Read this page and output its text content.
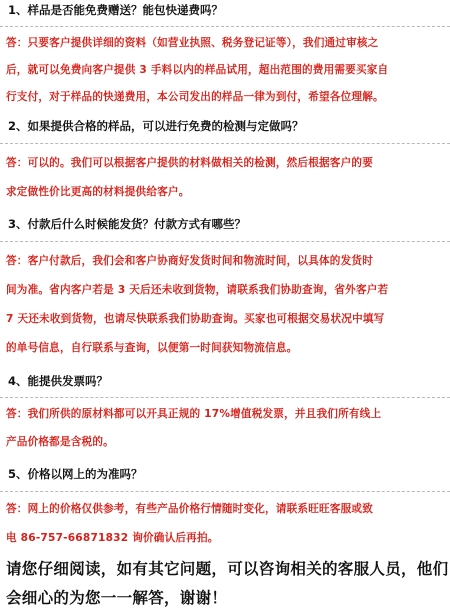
1、样品是否能免费赠送？能包快递费吗？

答：只要客户提供详细的资料（如营业执照、税务登记证等），我们通过审核之

后，就可以免费向客户提供 3 手料以内的样品试用，超出范围的费用需要买家自

行支付，对于样品的快递费用，本公司发出的样品一律为到付，希望各位理解。

2、如果提供合格的样品，可以进行免费的检测与定做吗？

答：可以的。我们可以根据客户提供的材料做相关的检测，然后根据客户的要

求定做性价比更高的材料提供给客户。

3、付款后什么时候能发货？付款方式有哪些？

答：客户付款后，我们会和客户协商好发货时间和物流时间，以具体的发货时

间为准。省内客户若是 3 天后还未收到货物，请联系我们协助查询，省外客户若

7 天还未收到货物，也请尽快联系我们协助查询。买家也可根据交易状况中填写

的单号信息，自行联系与查询，以便第一时间获知物流信息。

4、能提供发票吗？

答：我们所供的原材料都可以开具正规的 17%增值税发票，并且我们所有线上

产品价格都是含税的。

5、价格以网上的为准吗？

答：网上的价格仅供参考，有些产品价格行情随时变化，请联系旺旺客服或致

电 86-757-66871832 询价确认后再拍。

请您仔细阅读，如有其它问题，可以咨询相关的客服人员，他们

会细心的为您一一解答，谢谢！
